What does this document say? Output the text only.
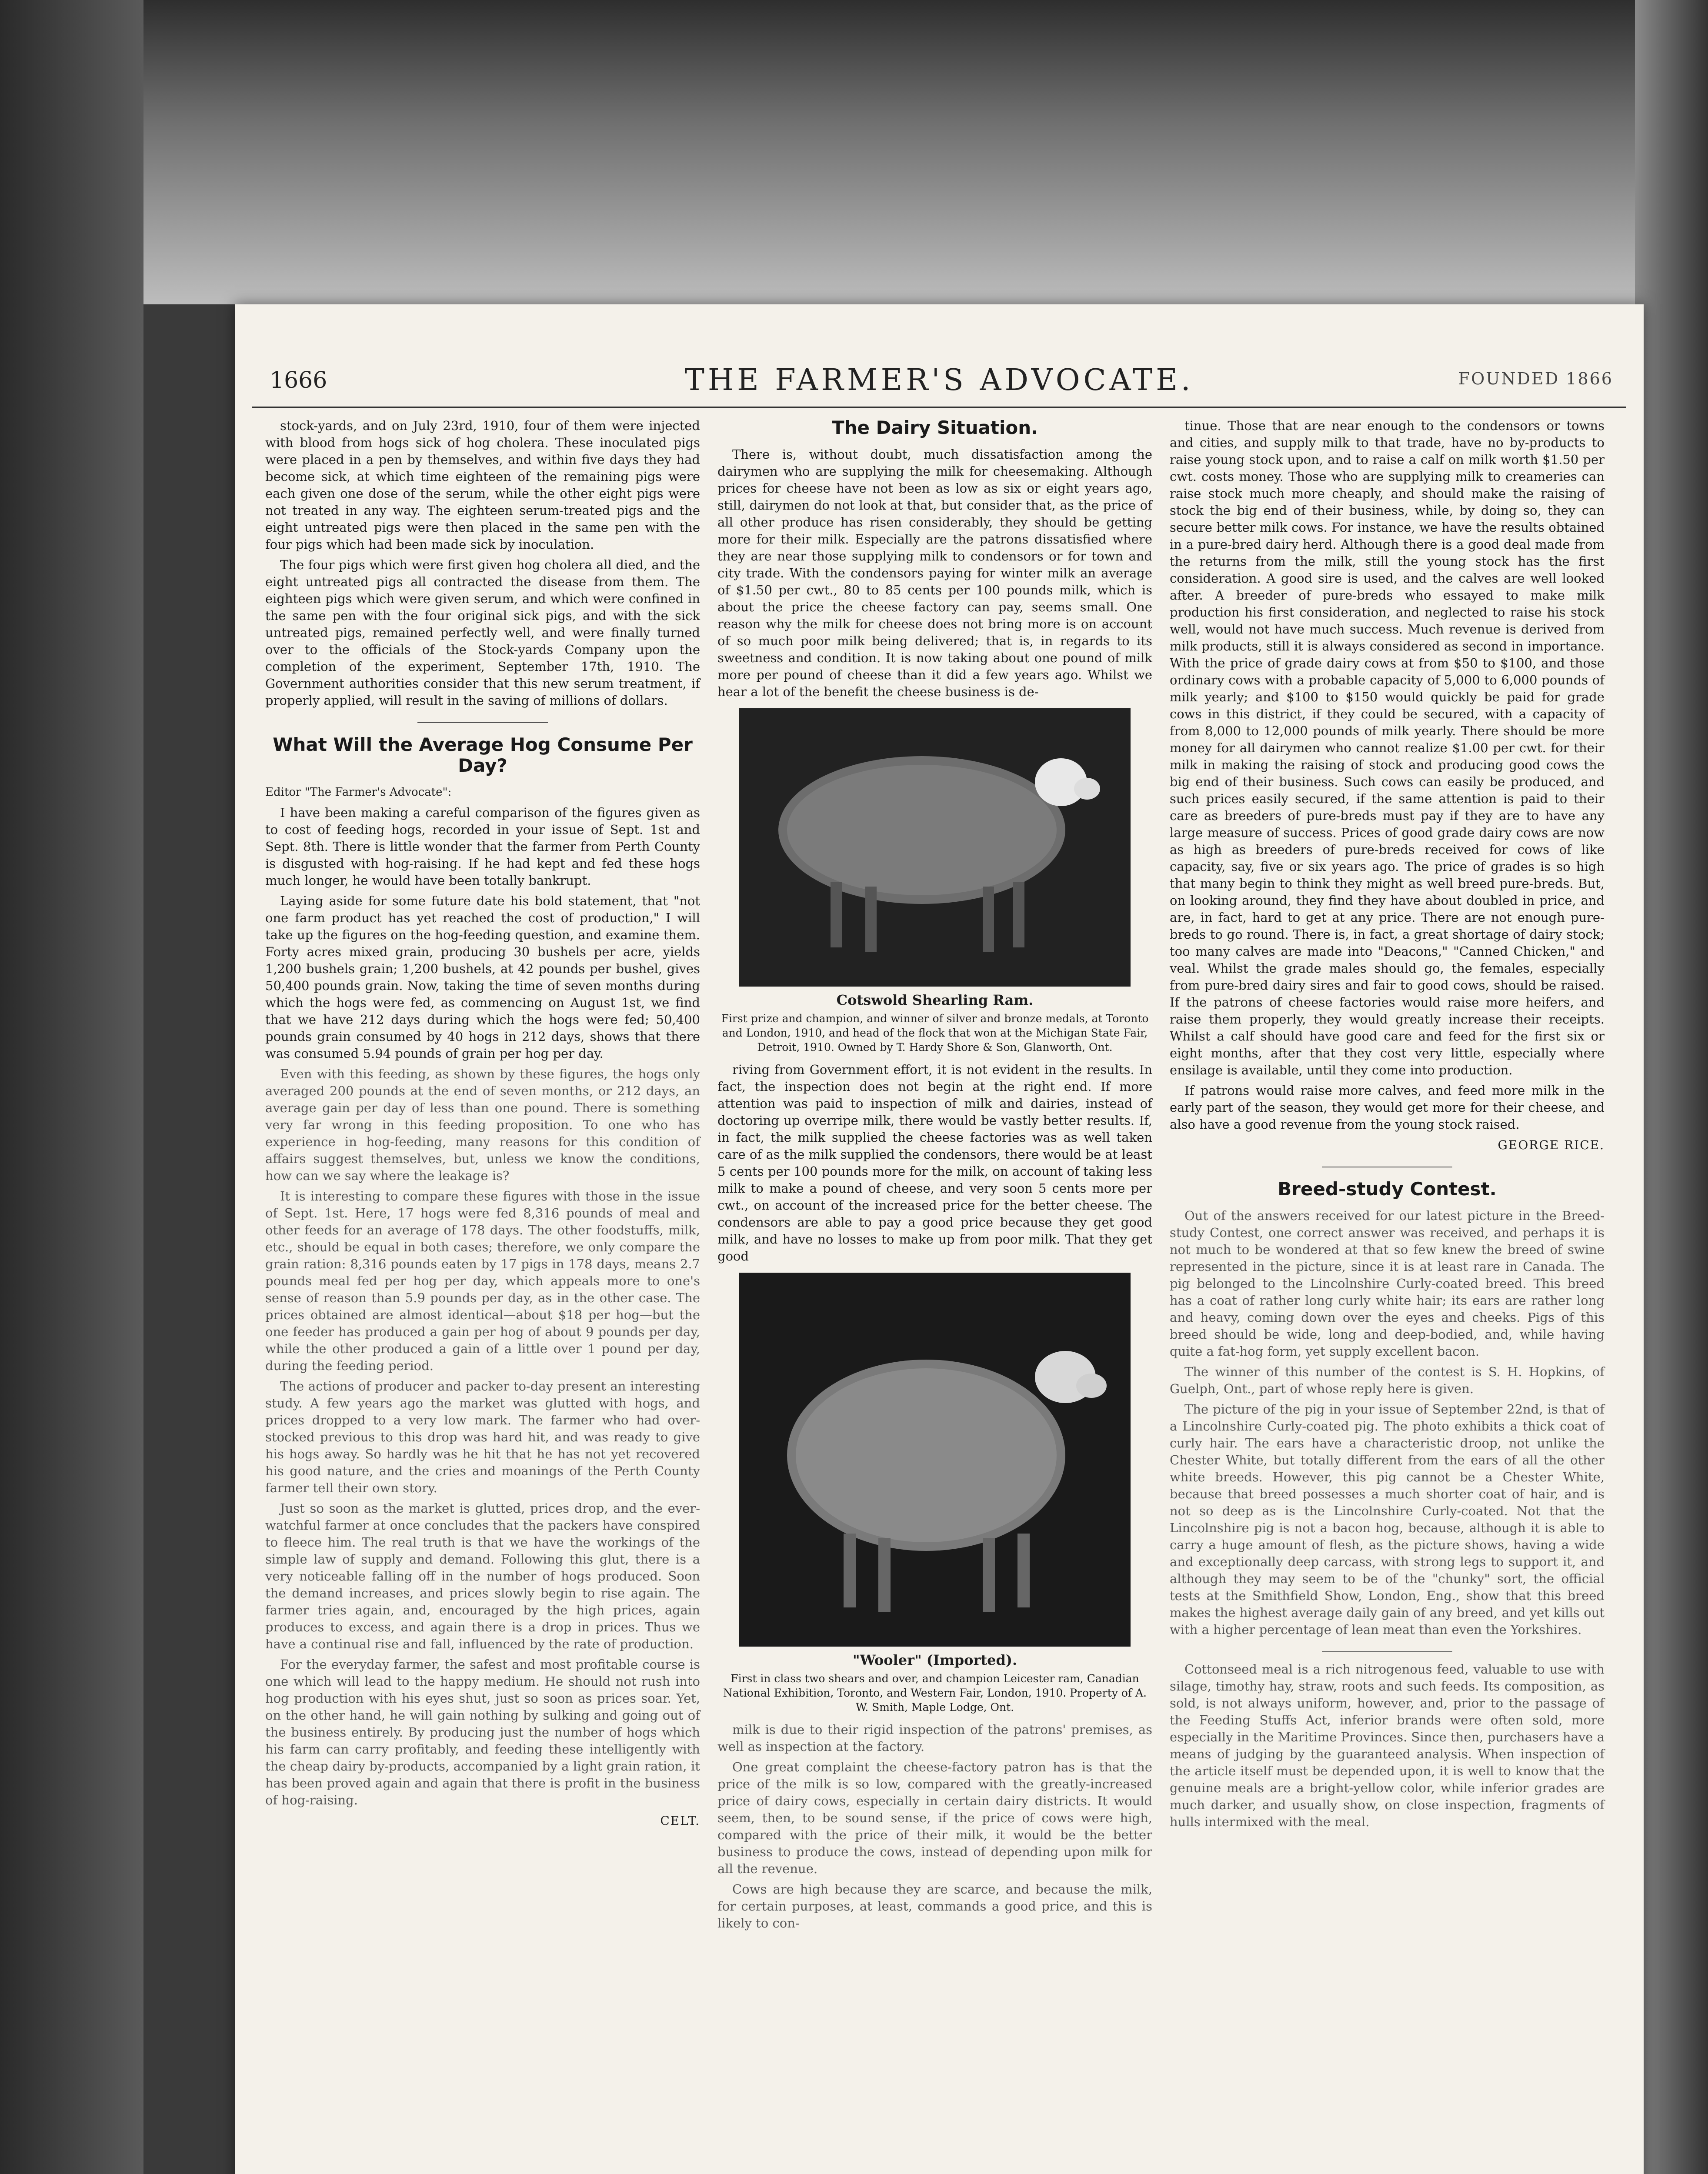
1666	THE FARMER'S ADVOCATE.	FOUNDED 1866

stock-yards, and on July 23rd, 1910, four of them were injected with blood from hogs sick of hog cholera. These inoculated pigs were placed in a pen by themselves, and within five days they had become sick, at which time eighteen of the remaining pigs were each given one dose of the serum, while the other eight pigs were not treated in any way. The eighteen serum-treated pigs and the eight untreated pigs were then placed in the same pen with the four pigs which had been made sick by inoculation.

The four pigs which were first given hog cholera all died, and the eight untreated pigs all contracted the disease from them. The eighteen pigs which were given serum, and which were confined in the same pen with the four original sick pigs, and with the sick untreated pigs, remained perfectly well, and were finally turned over to the officials of the Stock-yards Company upon the completion of the experiment, September 17th, 1910. The Government authorities consider that this new serum treatment, if properly applied, will result in the saving of millions of dollars.

What Will the Average Hog Consume Per Day?

Editor "The Farmer's Advocate":

I have been making a careful comparison of the figures given as to cost of feeding hogs, recorded in your issue of Sept. 1st and Sept. 8th. There is little wonder that the farmer from Perth County is disgusted with hog-raising. If he had kept and fed these hogs much longer, he would have been totally bankrupt.

Laying aside for some future date his bold statement, that "not one farm product has yet reached the cost of production," I will take up the figures on the hog-feeding question, and examine them. Forty acres mixed grain, producing 30 bushels per acre, yields 1,200 bushels grain; 1,200 bushels, at 42 pounds per bushel, gives 50,400 pounds grain. Now, taking the time of seven months during which the hogs were fed, as commencing on August 1st, we find that we have 212 days during which the hogs were fed; 50,400 pounds grain consumed by 40 hogs in 212 days, shows that there was consumed 5.94 pounds of grain per hog per day.

Even with this feeding, as shown by these figures, the hogs only averaged 200 pounds at the end of seven months, or 212 days, an average gain per day of less than one pound. There is something very far wrong in this feeding proposition. To one who has experience in hog-feeding, many reasons for this condition of affairs suggest themselves, but, unless we know the conditions, how can we say where the leakage is?

It is interesting to compare these figures with those in the issue of Sept. 1st. Here, 17 hogs were fed 8,316 pounds of meal and other feeds for an average of 178 days. The other foodstuffs, milk, etc., should be equal in both cases; therefore, we only compare the grain ration: 8,316 pounds eaten by 17 pigs in 178 days, means 2.7 pounds meal fed per hog per day, which appeals more to one's sense of reason than 5.9 pounds per day, as in the other case. The prices obtained are almost identical—about $18 per hog—but the one feeder has produced a gain per hog of about 9 pounds per day, while the other produced a gain of a little over 1 pound per day, during the feeding period.

The actions of producer and packer to-day present an interesting study. A few years ago the market was glutted with hogs, and prices dropped to a very low mark. The farmer who had over-stocked previous to this drop was hard hit, and was ready to give his hogs away. So hardly was he hit that he has not yet recovered his good nature, and the cries and moanings of the Perth County farmer tell their own story.

Just so soon as the market is glutted, prices drop, and the ever-watchful farmer at once concludes that the packers have conspired to fleece him. The real truth is that we have the workings of the simple law of supply and demand. Following this glut, there is a very noticeable falling off in the number of hogs produced. Soon the demand increases, and prices slowly begin to rise again. The farmer tries again, and, encouraged by the high prices, again produces to excess, and again there is a drop in prices. Thus we have a continual rise and fall, influenced by the rate of production.

For the everyday farmer, the safest and most profitable course is one which will lead to the happy medium. He should not rush into hog production with his eyes shut, just so soon as prices soar. Yet, on the other hand, he will gain nothing by sulking and going out of the business entirely. By producing just the number of hogs which his farm can carry profitably, and feeding these intelligently with the cheap dairy by-products, accompanied by a light grain ration, it has been proved again and again that there is profit in the business of hog-raising.

CELT.

The Dairy Situation.

There is, without doubt, much dissatisfaction among the dairymen who are supplying the milk for cheesemaking. Although prices for cheese have not been as low as six or eight years ago, still, dairymen do not look at that, but consider that, as the price of all other produce has risen considerably, they should be getting more for their milk. Especially are the patrons dissatisfied where they are near those supplying milk to condensors or for town and city trade. With the condensors paying for winter milk an average of $1.50 per cwt., 80 to 85 cents per 100 pounds milk, which is about the price the cheese factory can pay, seems small. One reason why the milk for cheese does not bring more is on account of so much poor milk being delivered; that is, in regards to its sweetness and condition. It is now taking about one pound of milk more per pound of cheese than it did a few years ago. Whilst we hear a lot of the benefit the cheese business is de-

Cotswold Shearling Ram.
First prize and champion, and winner of silver and bronze medals, at Toronto and London, 1910, and head of the flock that won at the Michigan State Fair, Detroit, 1910. Owned by T. Hardy Shore & Son, Glanworth, Ont.

riving from Government effort, it is not evident in the results. In fact, the inspection does not begin at the right end. If more attention was paid to inspection of milk and dairies, instead of doctoring up overripe milk, there would be vastly better results. If, in fact, the milk supplied the cheese factories was as well taken care of as the milk supplied the condensors, there would be at least 5 cents per 100 pounds more for the milk, on account of taking less milk to make a pound of cheese, and very soon 5 cents more per cwt., on account of the increased price for the better cheese. The condensors are able to pay a good price because they get good milk, and have no losses to make up from poor milk. That they get good

"Wooler" (Imported).
First in class two shears and over, and champion Leicester ram, Canadian National Exhibition, Toronto, and Western Fair, London, 1910. Property of A. W. Smith, Maple Lodge, Ont.

milk is due to their rigid inspection of the patrons' premises, as well as inspection at the factory.

One great complaint the cheese-factory patron has is that the price of the milk is so low, compared with the greatly-increased price of dairy cows, especially in certain dairy districts. It would seem, then, to be sound sense, if the price of cows were high, compared with the price of their milk, it would be the better business to produce the cows, instead of depending upon milk for all the revenue.

Cows are high because they are scarce, and because the milk, for certain purposes, at least, commands a good price, and this is likely to con-

tinue. Those that are near enough to the condensors or towns and cities, and supply milk to that trade, have no by-products to raise young stock upon, and to raise a calf on milk worth $1.50 per cwt. costs money. Those who are supplying milk to creameries can raise stock much more cheaply, and should make the raising of stock the big end of their business, while, by doing so, they can secure better milk cows. For instance, we have the results obtained in a pure-bred dairy herd. Although there is a good deal made from the returns from the milk, still the young stock has the first consideration. A good sire is used, and the calves are well looked after. A breeder of pure-breds who essayed to make milk production his first consideration, and neglected to raise his stock well, would not have much success. Much revenue is derived from milk products, still it is always considered as second in importance. With the price of grade dairy cows at from $50 to $100, and those ordinary cows with a probable capacity of 5,000 to 6,000 pounds of milk yearly; and $100 to $150 would quickly be paid for grade cows in this district, if they could be secured, with a capacity of from 8,000 to 12,000 pounds of milk yearly. There should be more money for all dairymen who cannot realize $1.00 per cwt. for their milk in making the raising of stock and producing good cows the big end of their business. Such cows can easily be produced, and such prices easily secured, if the same attention is paid to their care as breeders of pure-breds must pay if they are to have any large measure of success. Prices of good grade dairy cows are now as high as breeders of pure-breds received for cows of like capacity, say, five or six years ago. The price of grades is so high that many begin to think they might as well breed pure-breds. But, on looking around, they find they have about doubled in price, and are, in fact, hard to get at any price. There are not enough pure-breds to go round. There is, in fact, a great shortage of dairy stock; too many calves are made into "Deacons," "Canned Chicken," and veal. Whilst the grade males should go, the females, especially from pure-bred dairy sires and fair to good cows, should be raised. If the patrons of cheese factories would raise more heifers, and raise them properly, they would greatly increase their receipts. Whilst a calf should have good care and feed for the first six or eight months, after that they cost very little, especially where ensilage is available, until they come into production.

If patrons would raise more calves, and feed more milk in the early part of the season, they would get more for their cheese, and also have a good revenue from the young stock raised.

GEORGE RICE.

Breed-study Contest.

Out of the answers received for our latest picture in the Breed-study Contest, one correct answer was received, and perhaps it is not much to be wondered at that so few knew the breed of swine represented in the picture, since it is at least rare in Canada. The pig belonged to the Lincolnshire Curly-coated breed. This breed has a coat of rather long curly white hair; its ears are rather long and heavy, coming down over the eyes and cheeks. Pigs of this breed should be wide, long and deep-bodied, and, while having quite a fat-hog form, yet supply excellent bacon.

The winner of this number of the contest is S. H. Hopkins, of Guelph, Ont., part of whose reply here is given.

The picture of the pig in your issue of September 22nd, is that of a Lincolnshire Curly-coated pig. The photo exhibits a thick coat of curly hair. The ears have a characteristic droop, not unlike the Chester White, but totally different from the ears of all the other white breeds. However, this pig cannot be a Chester White, because that breed possesses a much shorter coat of hair, and is not so deep as is the Lincolnshire Curly-coated. Not that the Lincolnshire pig is not a bacon hog, because, although it is able to carry a huge amount of flesh, as the picture shows, having a wide and exceptionally deep carcass, with strong legs to support it, and although they may seem to be of the "chunky" sort, the official tests at the Smithfield Show, London, Eng., show that this breed makes the highest average daily gain of any breed, and yet kills out with a higher percentage of lean meat than even the Yorkshires.

Cottonseed meal is a rich nitrogenous feed, valuable to use with silage, timothy hay, straw, roots and such feeds. Its composition, as sold, is not always uniform, however, and, prior to the passage of the Feeding Stuffs Act, inferior brands were often sold, more especially in the Maritime Provinces. Since then, purchasers have a means of judging by the guaranteed analysis. When inspection of the article itself must be depended upon, it is well to know that the genuine meals are a bright-yellow color, while inferior grades are much darker, and usually show, on close inspection, fragments of hulls intermixed with the meal.
